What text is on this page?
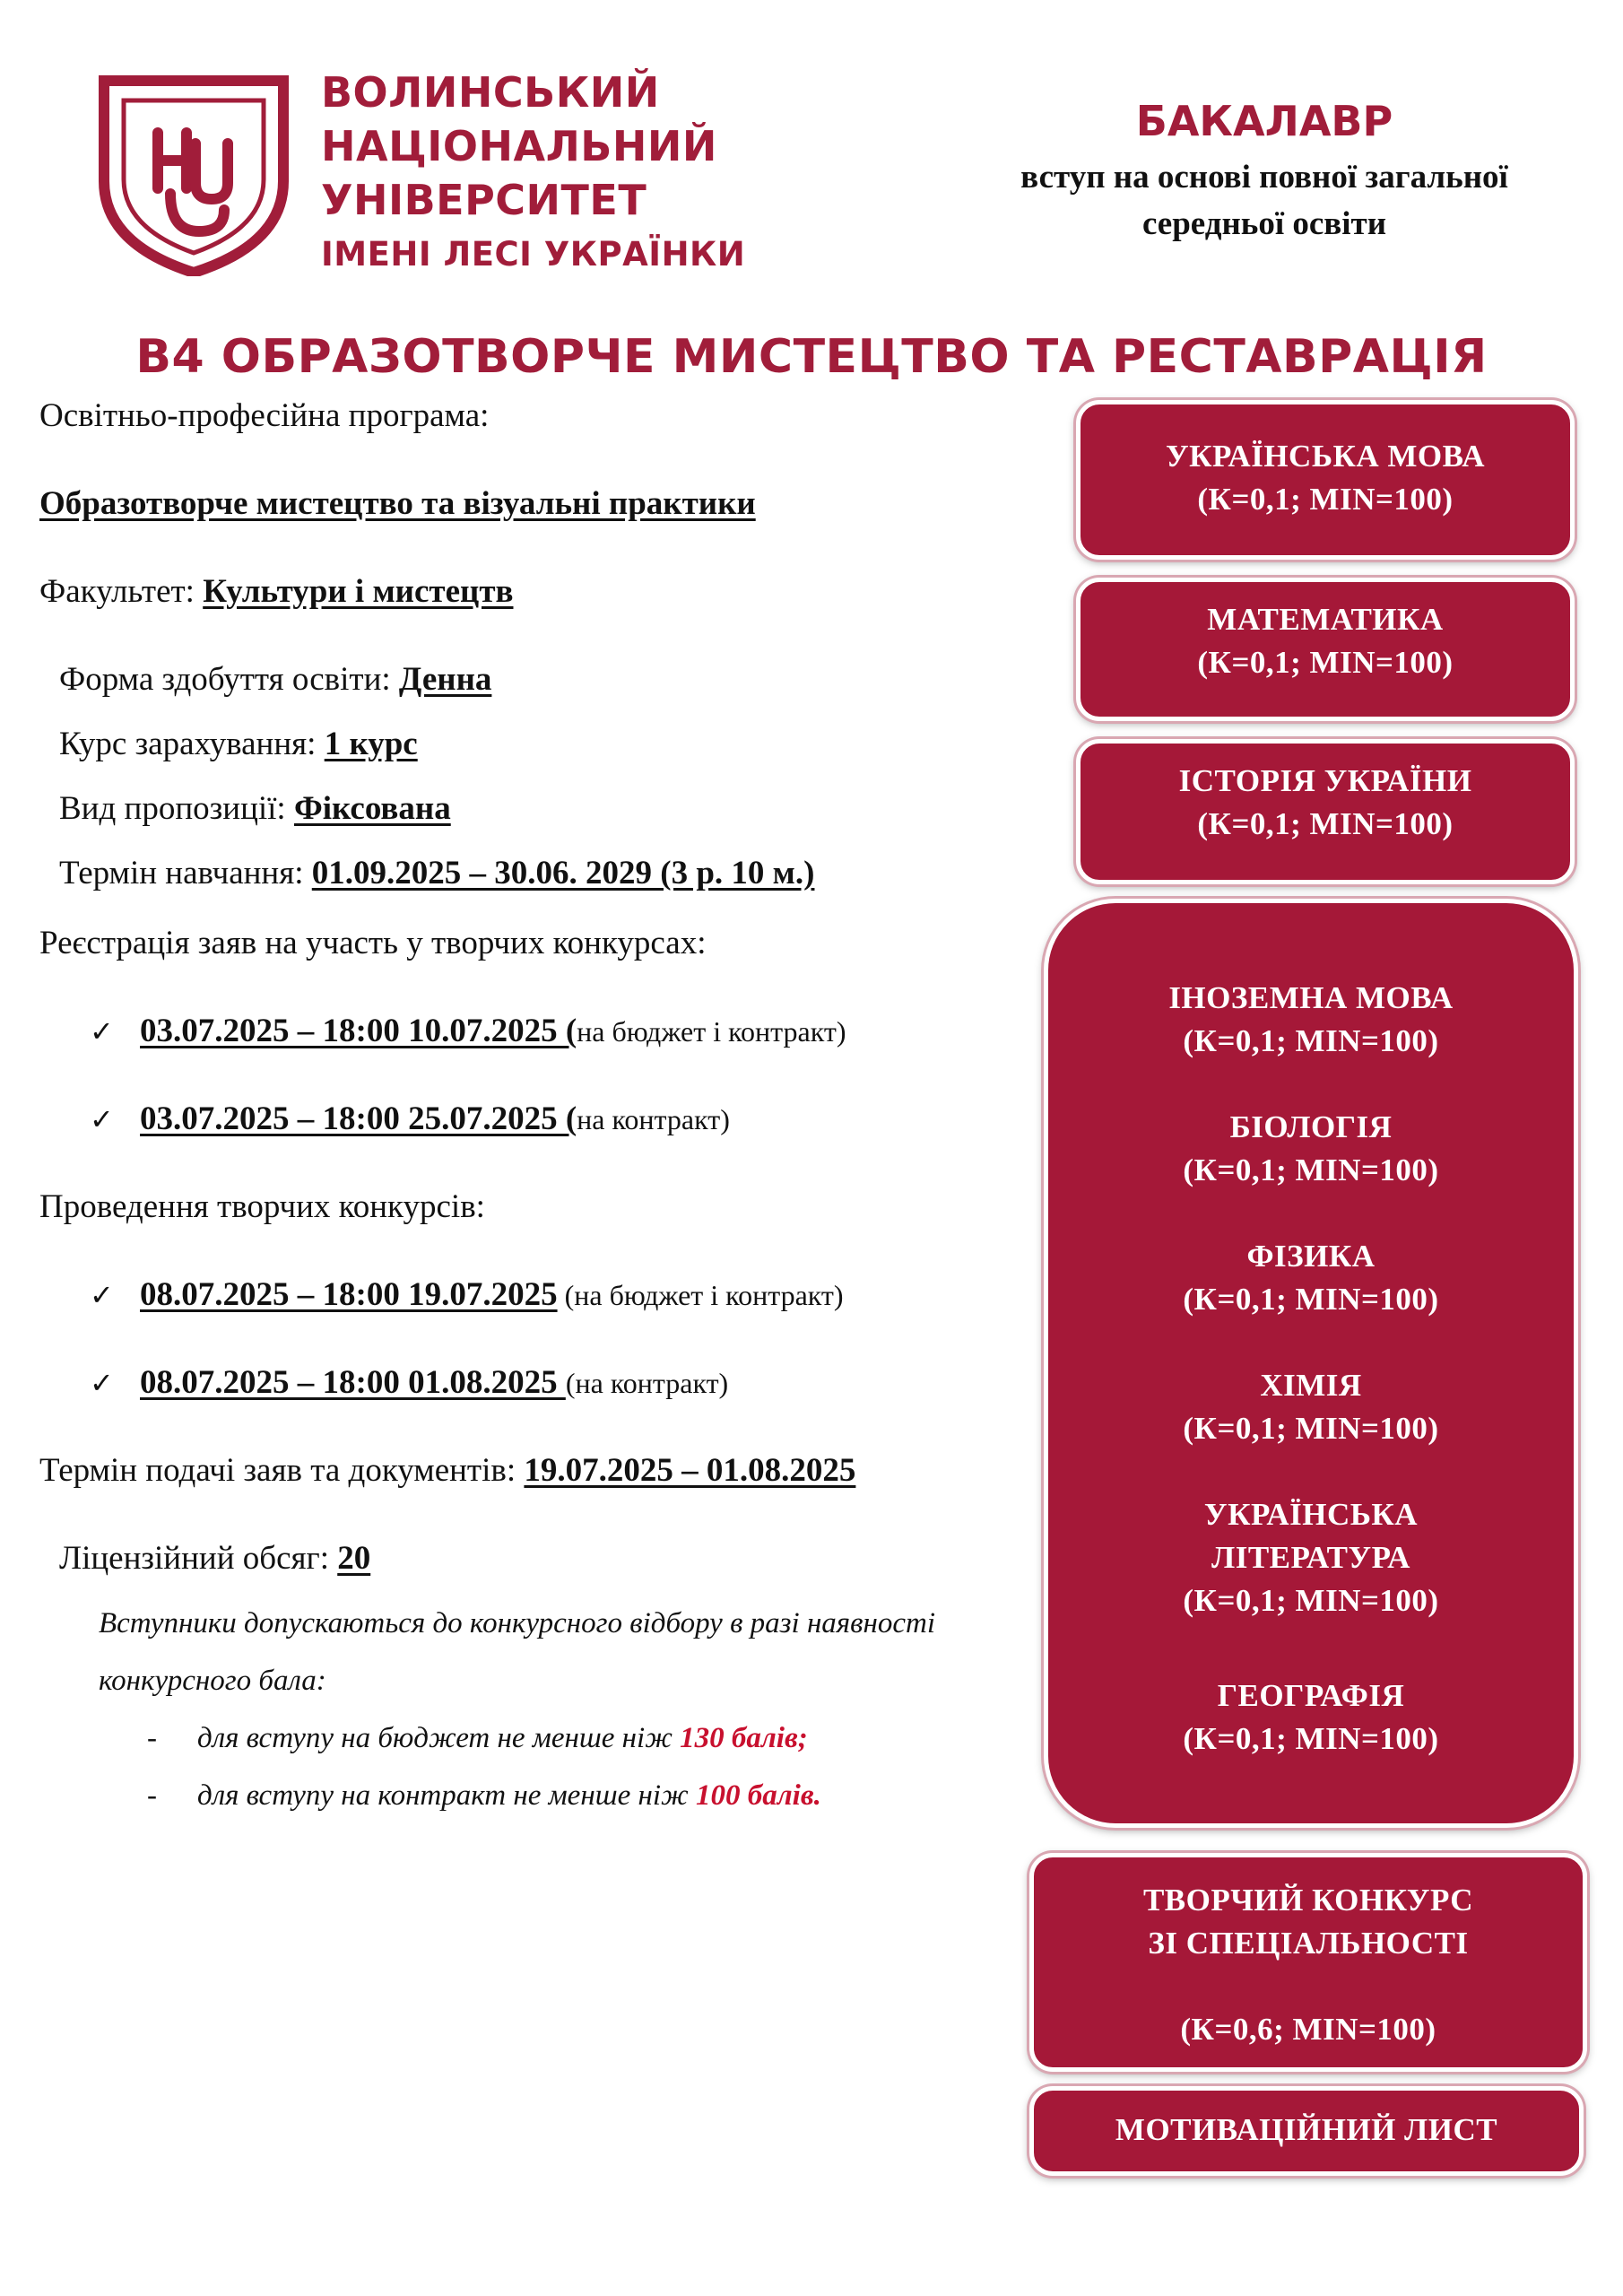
ВОЛИНСЬКИЙ
НАЦІОНАЛЬНИЙ
УНІВЕРСИТЕТ
ІМЕНІ ЛЕСІ УКРАЇНКИ
БАКАЛАВР
вступ на основі повної загальної
середньої освіти
B4 ОБРАЗОТВОРЧЕ МИСТЕЦТВО ТА РЕСТАВРАЦІЯ
Освітньо-професійна програма:
Образотворче мистецтво та візуальні практики
Факультет: Культури і мистецтв
Форма здобуття освіти: Денна
Курс зарахування: 1 курс
Вид пропозиції: Фіксована
Термін навчання: 01.09.2025 – 30.06. 2029 (3 р. 10 м.)
Реєстрація заяв на участь у творчих конкурсах:
✓ 03.07.2025 – 18:00 10.07.2025 (на бюджет і контракт)
✓ 03.07.2025 – 18:00 25.07.2025 (на контракт)
Проведення творчих конкурсів:
✓ 08.07.2025 – 18:00 19.07.2025 (на бюджет і контракт)
✓ 08.07.2025 – 18:00 01.08.2025 (на контракт)
Термін подачі заяв та документів: 19.07.2025 – 01.08.2025
Ліцензійний обсяг: 20
Вступники допускаються до конкурсного відбору в разі наявності
конкурсного бала:
- для вступу на бюджет не менше ніж 130 балів;
- для вступу на контракт не менше ніж 100 балів.
УКРАЇНСЬКА МОВА
(К=0,1; MIN=100)
МАТЕМАТИКА
(К=0,1; MIN=100)
ІСТОРІЯ УКРАЇНИ
(К=0,1; MIN=100)
ІНОЗЕМНА МОВА
(К=0,1; MIN=100)
БІОЛОГІЯ
(К=0,1; MIN=100)
ФІЗИКА
(К=0,1; MIN=100)
ХІМІЯ
(К=0,1; MIN=100)
УКРАЇНСЬКА
ЛІТЕРАТУРА
(К=0,1; MIN=100)
ГЕОГРАФІЯ
(К=0,1; MIN=100)
ТВОРЧИЙ КОНКУРС
ЗІ СПЕЦІАЛЬНОСТІ
(К=0,6; MIN=100)
МОТИВАЦІЙНИЙ ЛИСТ
